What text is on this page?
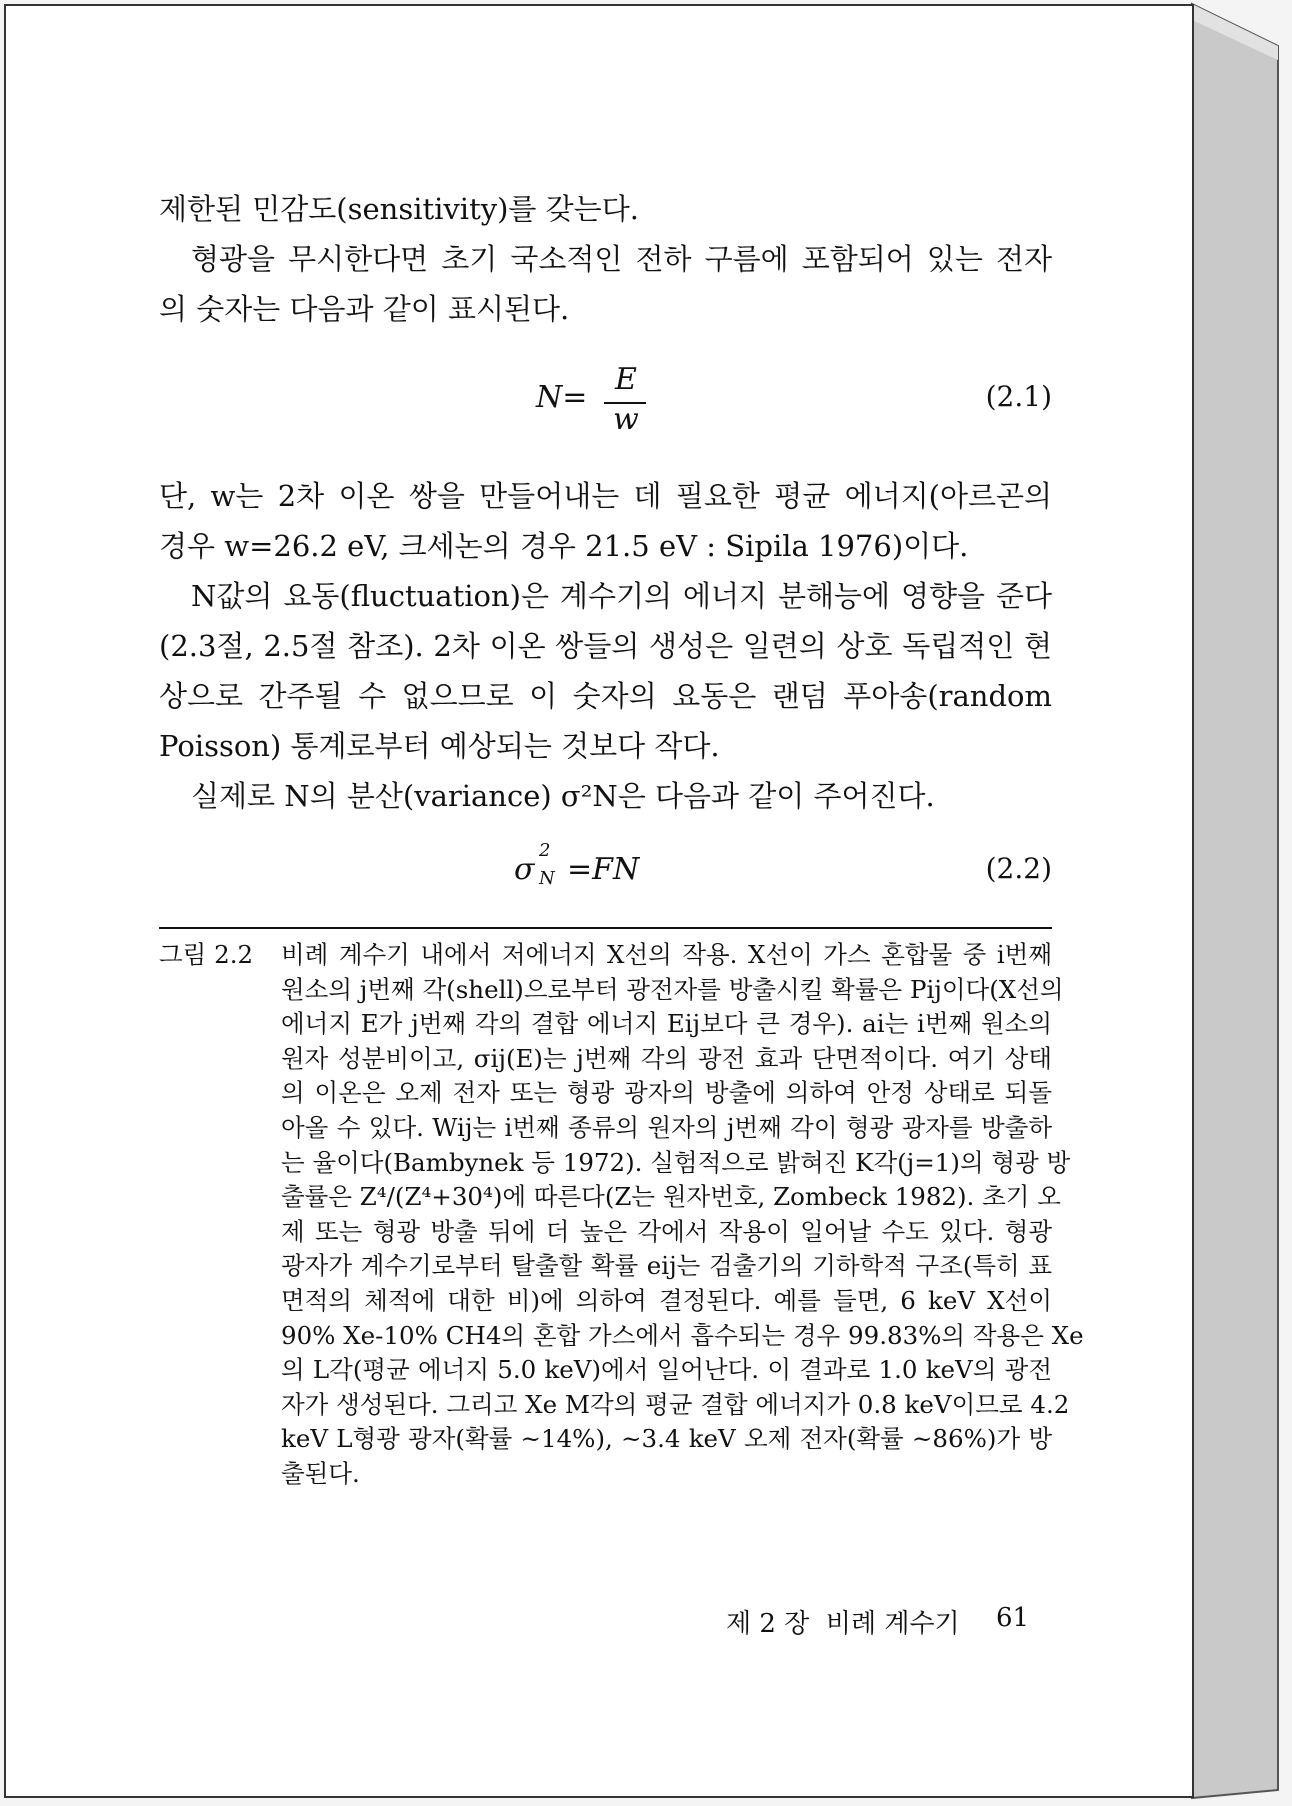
제한된 민감도(sensitivity)를 갖는다.
형광을 무시한다면 초기 국소적인 전하 구름에 포함되어 있는 전자
의 숫자는 다음과 같이 표시된다.
N=
E
w
(2.1)
단, w는 2차 이온 쌍을 만들어내는 데 필요한 평균 에너지(아르곤의
경우 w=26.2 eV, 크세논의 경우 21.5 eV : Sipila 1976)이다.
N값의 요동(fluctuation)은 계수기의 에너지 분해능에 영향을 준다
(2.3절, 2.5절 참조). 2차 이온 쌍들의 생성은 일련의 상호 독립적인 현
상으로 간주될 수 없으므로 이 숫자의 요동은 랜덤 푸아송(random
Poisson) 통계로부터 예상되는 것보다 작다.
실제로 N의 분산(variance) σ²N은 다음과 같이 주어진다.
σ
2
N =FN	(2.2)
그림 2.2	비례 계수기 내에서 저에너지 X선의 작용. X선이 가스 혼합물 중 i번째
원소의 j번째 각(shell)으로부터 광전자를 방출시킬 확률은 Pij이다(X선의
에너지 E가 j번째 각의 결합 에너지 Eij보다 큰 경우). ai는 i번째 원소의
원자 성분비이고, σij(E)는 j번째 각의 광전 효과 단면적이다. 여기 상태
의 이온은 오제 전자 또는 형광 광자의 방출에 의하여 안정 상태로 되돌
아올 수 있다. Wij는 i번째 종류의 원자의 j번째 각이 형광 광자를 방출하
는 율이다(Bambynek 등 1972). 실험적으로 밝혀진 K각(j=1)의 형광 방
출률은 Z⁴/(Z⁴+30⁴)에 따른다(Z는 원자번호, Zombeck 1982). 초기 오
제 또는 형광 방출 뒤에 더 높은 각에서 작용이 일어날 수도 있다. 형광
광자가 계수기로부터 탈출할 확률 eij는 검출기의 기하학적 구조(특히 표
면적의 체적에 대한 비)에 의하여 결정된다. 예를 들면, 6 keV X선이
90% Xe-10% CH4의 혼합 가스에서 흡수되는 경우 99.83%의 작용은 Xe
의 L각(평균 에너지 5.0 keV)에서 일어난다. 이 결과로 1.0 keV의 광전
자가 생성된다. 그리고 Xe M각의 평균 결합 에너지가 0.8 keV이므로 4.2
keV L형광 광자(확률 ~14%), ~3.4 keV 오제 전자(확률 ~86%)가 방
출된다.
제 2 장  비례 계수기 61
